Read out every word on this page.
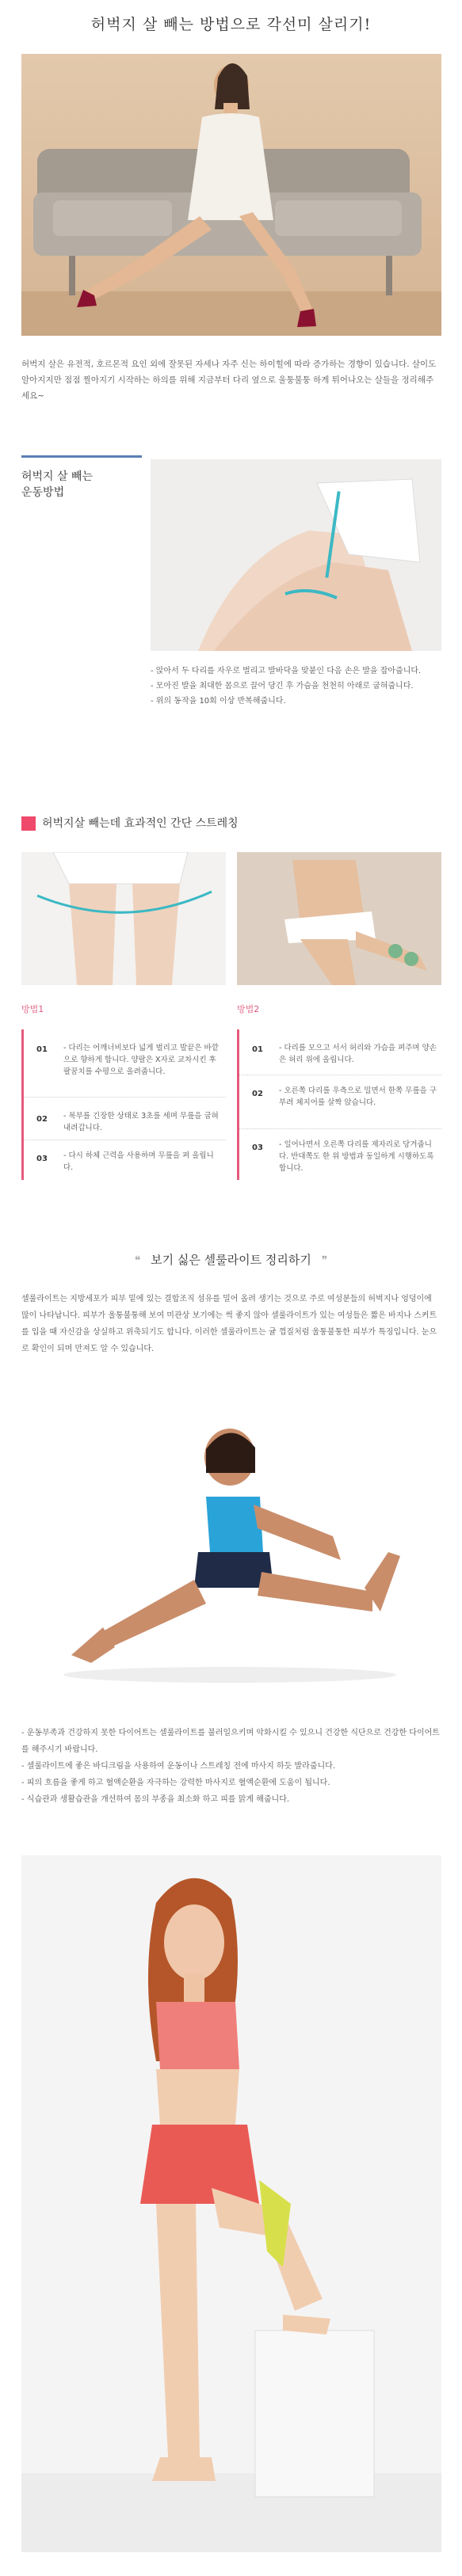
허벅지 살 빼는 방법으로 각선미 살리기!
허벅지 살은 유전적, 호르몬적 요인 외에 잘못된 자세나 자주 신는 하이힐에 따라 증가하는 경향이 있습니다. 살이도 알아지지만 점점 찔아지기 시작하는 하의를 위해 지금부터 다리 옆으로 울퉁불퉁 하게 튀어나오는 살들을 정리해주세요~
허벅지 살 빼는
운동방법
- 앉아서 두 다리를 자우로 벌리고 발바닥을 맞붙인 다음 손은 발을 잡아줍니다.
- 모아진 발을 최대한 몸으로 끌어 당긴 후 가슴을 천천히 아래로 굽혀줍니다.
- 위의 동작을 10회 이상 반복해줍니다.
허벅지살 빼는데 효과적인 간단 스트레칭
방법1	방법2
01 - 다리는 어깨너비보다 넓게 벌리고 발끝은 바깥으로 향하게 합니다. 양팔은 X자로 교차시킨 후 팔꿈치를 수평으로 올려줍니다.
02 - 복부를 긴장한 상태로 3초를 세며 무릎을 굽혀 내려갑니다.
03 - 다시 하체 근력을 사용하며 무릎을 펴 올립니다.
01 - 다리를 모으고 서서 허리와 가슴을 펴주며 양손은 허리 위에 올립니다.
02 - 오른쪽 다리를 우측으로 밀면서 한쪽 무릎을 구부려 체지어를 살짝 앉습니다.
03 - 일어나면서 오른쪽 다리를 제자리로 당겨줍니다. 반대쪽도 한 위 방법과 동일하게 시행하도록 합니다.
❝ 보기 싫은 셀룰라이트 정리하기 ❞
셀룰라이트는 지방세포가 피부 밑에 있는 결합조직 섬유를 밀어 올려 생기는 것으로 주로 여성분들의 허벅지나 엉덩이에 많이 나타납니다. 피부가 울퉁불퉁해 보여 미관상 보기에는 썩 좋지 않아 셀룰라이트가 있는 여성들은 짧은 바지나 스커트를 입을 때 자신감을 상실하고 위축되기도 합니다. 이러한 셀룰라이트는 귤 껍질처럼 울퉁불퉁한 피부가 특징입니다. 눈으로 확인이 되며 만져도 알 수 있습니다.
- 운동부족과 건강하지 못한 다이어트는 셀룰라이트를 불러일으키며 악화시킬 수 있으니 건강한 식단으로 건강한 다이어트를 해주시기 바랍니다.
- 셀룰라이트에 좋은 바디크림을 사용하여 운동이나 스트레칭 전에 마사지 하듯 발라줍니다.
- 피의 흐름을 좋게 하고 혈액순환을 자극하는 강력한 마사지로 혈액순환에 도움이 됩니다.
- 식습관과 생활습관을 개선하여 몸의 부종을 최소화 하고 피를 맑게 해줍니다.
